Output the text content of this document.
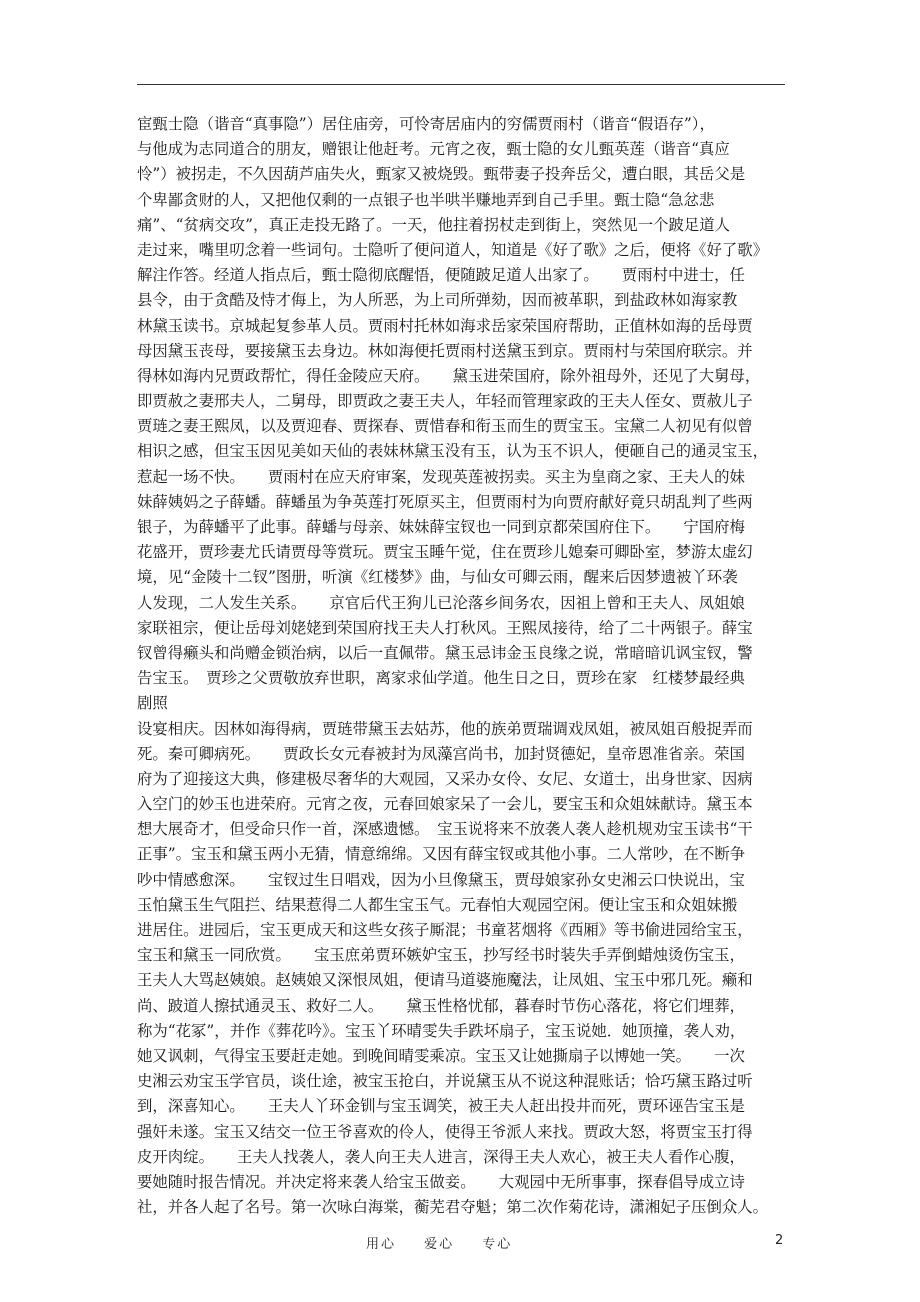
宦甄士隐（谐音“真事隐”）居住庙旁，可怜寄居庙内的穷儒贾雨村（谐音“假语存”），
与他成为志同道合的朋友，赠银让他赶考。元宵之夜，甄士隐的女儿甄英莲（谐音“真应
怜”）被拐走，不久因葫芦庙失火，甄家又被烧毁。甄带妻子投奔岳父，遭白眼，其岳父是
个卑鄙贪财的人，又把他仅剩的一点银子也半哄半赚地弄到自己手里。甄士隐“急忿悲
痛”、“贫病交攻”，真正走投无路了。一天，他拄着拐杖走到街上，突然见一个跛足道人
走过来，嘴里叨念着一些词句。士隐听了便问道人，知道是《好了歌》之后，便将《好了歌》
解注作答。经道人指点后，甄士隐彻底醒悟，便随跛足道人出家了。　　贾雨村中进士，任
县令，由于贪酷及恃才侮上，为人所恶，为上司所弹劾，因而被革职，到盐政林如海家教
林黛玉读书。京城起复参革人员。贾雨村托林如海求岳家荣国府帮助，正值林如海的岳母贾
母因黛玉丧母，要接黛玉去身边。林如海便托贾雨村送黛玉到京。贾雨村与荣国府联宗。并
得林如海内兄贾政帮忙，得任金陵应天府。　　黛玉进荣国府，除外祖母外，还见了大舅母，
即贾赦之妻邢夫人，二舅母，即贾政之妻王夫人，年轻而管理家政的王夫人侄女、贾赦儿子
贾琏之妻王熙凤，以及贾迎春、贾探春、贾惜春和衔玉而生的贾宝玉。宝黛二人初见有似曾
相识之感，但宝玉因见美如天仙的表妹林黛玉没有玉，认为玉不识人，便砸自己的通灵宝玉，
惹起一场不快。　　贾雨村在应天府审案，发现英莲被拐卖。买主为皇商之家、王夫人的妹
妹薛姨妈之子薛蟠。薛蟠虽为争英莲打死原买主，但贾雨村为向贾府献好竟只胡乱判了些两
银子，为薛蟠平了此事。薛蟠与母亲、妹妹薛宝钗也一同到京都荣国府住下。　　宁国府梅
花盛开，贾珍妻尤氏请贾母等赏玩。贾宝玉睡午觉，住在贾珍儿媳秦可卿卧室，梦游太虚幻
境，见“金陵十二钗”图册，听演《红楼梦》曲，与仙女可卿云雨，醒来后因梦遗被丫环袭
人发现，二人发生关系。　　京官后代王狗儿已沦落乡间务农，因祖上曾和王夫人、凤姐娘
家联祖宗，便让岳母刘姥姥到荣国府找王夫人打秋风。王熙凤接待，给了二十两银子。薛宝
钗曾得癞头和尚赠金锁治病，以后一直佩带。黛玉忌讳金玉良缘之说，常暗暗讥讽宝钗，警
告宝玉。　贾珍之父贾敬放弃世职，离家求仙学道。他生日之日，贾珍在家　红楼梦最经典
剧照
设宴相庆。因林如海得病，贾琏带黛玉去姑苏，他的族弟贾瑞调戏凤姐，被凤姐百般捉弄而
死。秦可卿病死。　　贾政长女元春被封为凤藻宫尚书，加封贤德妃，皇帝恩准省亲。荣国
府为了迎接这大典，修建极尽奢华的大观园，又采办女伶、女尼、女道士，出身世家、因病
入空门的妙玉也进荣府。元宵之夜，元春回娘家呆了一会儿，要宝玉和众姐妹献诗。黛玉本
想大展奇才，但受命只作一首，深感遗憾。　宝玉说将来不放袭人袭人趁机规劝宝玉读书“干
正事”。宝玉和黛玉两小无猜，情意绵绵。又因有薛宝钗或其他小事。二人常吵，在不断争
吵中情感愈深。　　宝钗过生日唱戏，因为小旦像黛玉，贾母娘家孙女史湘云口快说出，宝
玉怕黛玉生气阻拦、结果惹得二人都生宝玉气。元春怕大观园空闲。便让宝玉和众姐妹搬
进居住。进园后，宝玉更成天和这些女孩子厮混；书童茗烟将《西厢》等书偷进园给宝玉，
宝玉和黛玉一同欣赏。　　宝玉庶弟贾环嫉妒宝玉，抄写经书时装失手弄倒蜡烛烫伤宝玉，
王夫人大骂赵姨娘。赵姨娘又深恨凤姐，便请马道婆施魔法，让凤姐、宝玉中邪几死。癞和
尚、跛道人擦拭通灵玉、救好二人。　　黛玉性格忧郁，暮春时节伤心落花，将它们埋葬，
称为“花冢”，并作《葬花吟》。宝玉丫环晴雯失手跌坏扇子，宝玉说她．她顶撞，袭人劝，
她又讽刺，气得宝玉要赶走她。到晚间晴雯乘凉。宝玉又让她撕扇子以博她一笑。　　一次
史湘云劝宝玉学官员，谈仕途，被宝玉抢白，并说黛玉从不说这种混账话；恰巧黛玉路过听
到，深喜知心。　　王夫人丫环金钏与宝玉调笑，被王夫人赶出投井而死，贾环诬告宝玉是
强奸未遂。宝玉又结交一位王爷喜欢的伶人，使得王爷派人来找。贾政大怒，将贾宝玉打得
皮开肉绽。　　王夫人找袭人，袭人向王夫人进言，深得王夫人欢心，被王夫人看作心腹，
要她随时报告情况。并决定将来袭人给宝玉做妾。　　大观园中无所事事，探春倡导成立诗
社，并各人起了名号。第一次咏白海棠，蘅芜君夺魁；第二次作菊花诗，潇湘妃子压倒众人。
用心 爱心 专心	2
